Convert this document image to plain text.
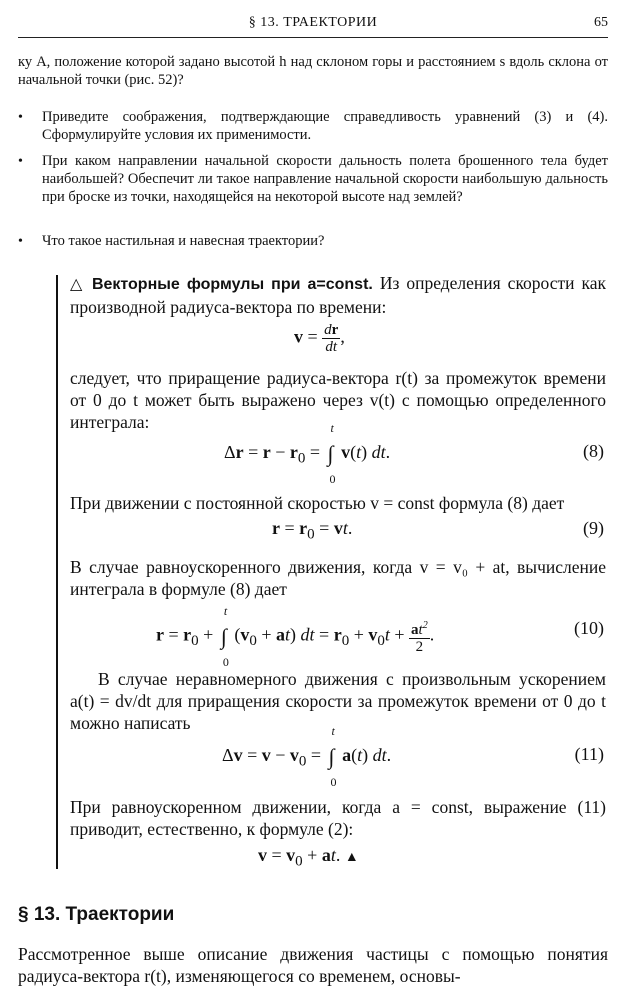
§ 13. ТРАЕКТОРИИ	65
ку A, положение которой задано высотой h над склоном горы и расстоянием s вдоль склона от начальной точки (рис. 52)?
• Приведите соображения, подтверждающие справедливость уравнений (3) и (4). Сформулируйте условия их применимости.
• При каком направлении начальной скорости дальность полета брошенного тела будет наибольшей? Обеспечит ли такое направление начальной скорости наибольшую дальность при броске из точки, находящейся на некоторой высоте над землей?
• Что такое настильная и навесная траектории?
△ Векторные формулы при a=const. Из определения скорости как производной радиуса-вектора по времени:
$v = \frac{dr}{dt}$ ,
следует, что приращение радиуса-вектора r(t) за промежуток времени от 0 до t может быть выражено через v(t) с помощью определенного интеграла:
$\Delta r = r - r_0$ = ∫
t
0
v(t) dt.	(8)
При движении с постоянной скоростью v = const формула (8) дает
$r = r_0$ = vt.	(9)
В случае равноускоренного движения, когда v = v₀ + at, вычисление интеграла в формуле (8) дает
$r = r_0$ + ∫
t
0
$(v_0 + at)$ dt = $r_0 + v_0t + \frac{at^2}{2}$ .	(10)
В случае неравномерного движения с произвольным ускорением a(t) = dv/dt для приращения скорости за промежуток времени от 0 до t можно написать
$\Delta v = v - v_0$ = ∫
t
0
a(t) dt.	(11)
При равноускоренном движении, когда a = const, выражение (11) приводит, естественно, к формуле (2):
$v = v_0$ + at. ▲
§ 13. Траектории
Рассмотренное выше описание движения частицы с помощью понятия радиуса-вектора r(t), изменяющегося со временем, основы-
